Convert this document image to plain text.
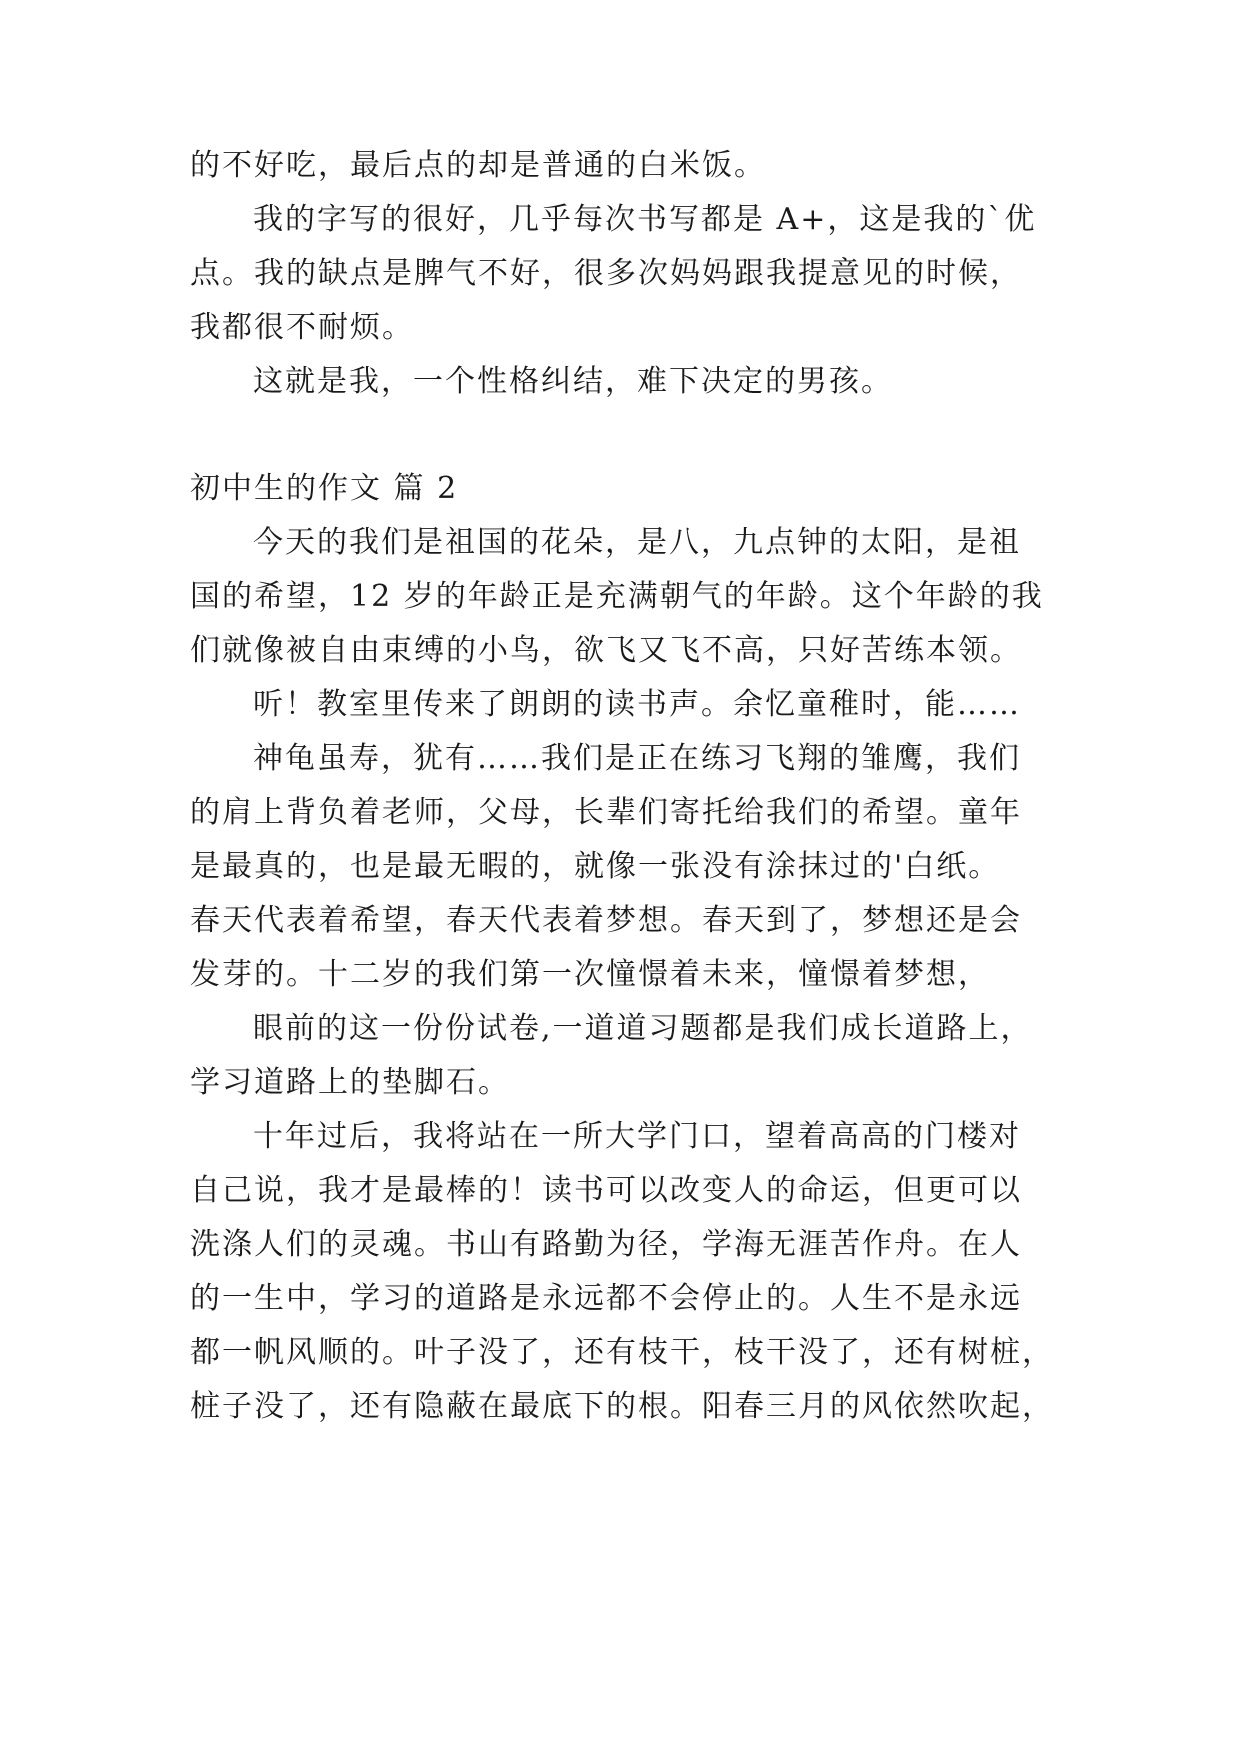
的不好吃，最后点的却是普通的白米饭。
我的字写的很好，几乎每次书写都是 A+，这是我的`优
点。我的缺点是脾气不好，很多次妈妈跟我提意见的时候，
我都很不耐烦。
这就是我，一个性格纠结，难下决定的男孩。
初中生的作文 篇 2
今天的我们是祖国的花朵，是八，九点钟的太阳，是祖
国的希望，12 岁的年龄正是充满朝气的年龄。这个年龄的我
们就像被自由束缚的小鸟，欲飞又飞不高，只好苦练本领。
听！教室里传来了朗朗的读书声。余忆童稚时，能……
神龟虽寿，犹有……我们是正在练习飞翔的雏鹰，我们
的肩上背负着老师，父母，长辈们寄托给我们的希望。童年
是最真的，也是最无暇的，就像一张没有涂抹过的'白纸。
春天代表着希望，春天代表着梦想。春天到了，梦想还是会
发芽的。十二岁的我们第一次憧憬着未来，憧憬着梦想，
眼前的这一份份试卷,一道道习题都是我们成长道路上，
学习道路上的垫脚石。
十年过后，我将站在一所大学门口，望着高高的门楼对
自己说，我才是最棒的！读书可以改变人的命运，但更可以
洗涤人们的灵魂。书山有路勤为径，学海无涯苦作舟。在人
的一生中，学习的道路是永远都不会停止的。人生不是永远
都一帆风顺的。叶子没了，还有枝干，枝干没了，还有树桩，
桩子没了，还有隐蔽在最底下的根。阳春三月的风依然吹起，
